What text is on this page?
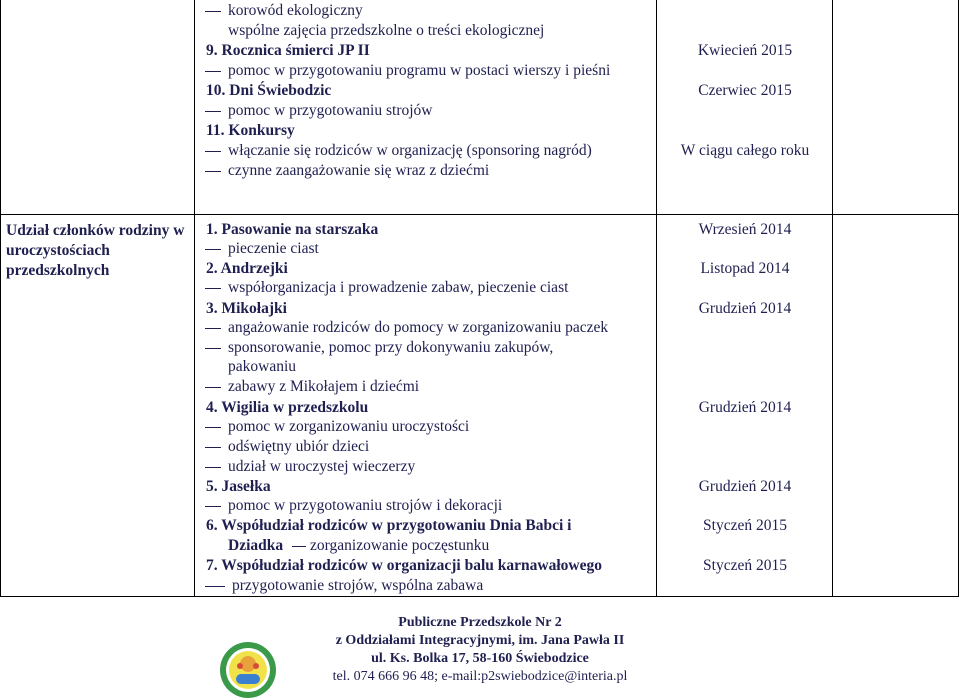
korowód ekologiczny
wspólne zajęcia przedszkolne o treści ekologicznej
9. Rocznica śmierci JP II
pomoc w przygotowaniu programu w postaci wierszy i pieśni
10. Dni Świebodzic
pomoc w przygotowaniu strojów
11. Konkursy
włączanie się rodziców w organizację (sponsoring nagród)
czynne zaangażowanie się wraz z dziećmi
Kwiecień 2015
Czerwiec 2015
W ciągu całego roku
Udział członków rodziny w uroczystościach przedszkolnych
1. Pasowanie na starszaka
pieczenie ciast
2. Andrzejki
współorganizacja i prowadzenie zabaw, pieczenie ciast
3. Mikołajki
angażowanie rodziców do pomocy w zorganizowaniu paczek
sponsorowanie, pomoc przy dokonywaniu zakupów,
pakowaniu
zabawy z Mikołajem i dziećmi
4. Wigilia w przedszkolu
pomoc w zorganizowaniu uroczystości
odświętny ubiór dzieci
udział w uroczystej wieczerzy
5. Jasełka
pomoc w przygotowaniu strojów i dekoracji
6. Współudział rodziców w przygotowaniu Dnia Babci i
Dziadka zorganizowanie poczęstunku
7. Współudział rodziców w organizacji balu karnawałowego
przygotowanie strojów, wspólna zabawa
Wrzesień 2014
Listopad 2014
Grudzień 2014
Grudzień 2014
Grudzień 2014
Styczeń 2015
Styczeń 2015
Publiczne Przedszkole Nr 2
z Oddziałami Integracyjnymi, im. Jana Pawła II
ul. Ks. Bolka 17, 58-160 Świebodzice
tel. 074 666 96 48; e-mail:p2swiebodzice@interia.pl
